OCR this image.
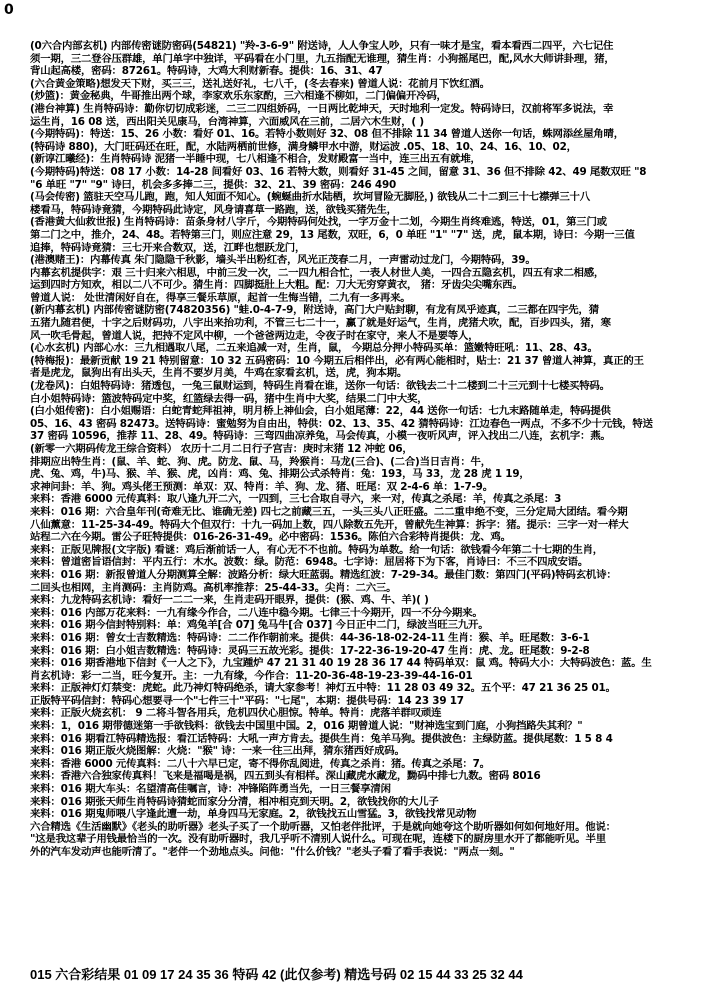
0
(0六合内部玄机) 内部传密谜防密码(54821) "羚-3-6-9" 附送诗，人人争宝人吵，只有一味才是宝，看本看西二四平，六七记住
须一期，三二登谷压群雄，单门单字中独详，平码看在小门里，九五指配无谁理，猜生肖：小狗摇尾巴，配,风水大师讲卦理，猪，
背山起高楼，密码：87261。特码诗，大鸡大利财新春。提供：16、31、47
(六合黄金策略)想发天下财，买三三，送礼送好礼，七八千，(冬去春来) 曾道人说：花前月下饮红酒。
(炒篮)：黄金秘典，牛哥推出两个球，李家欢乐东家酌，三六相逢不柳如，二门偏偏开冷码，
(港台神算) 生肖特码诗：勤你切切成彩迷，二三二四组娇码，一日两比乾坤天，天时地利一定发。特码诗曰，汉前将军多说法，幸
运生肖，16 08 送，西出阳关见康马，台湾神算，六面威风在三前，二居六木生财，( )
(今期特码)：特送：15、26 小数：看好 01、16。若特小数则好 32、08 但不排除 11 34 曾道人送你一句话，蛛网添丝屋角晴，
(特码诗 880)，大门旺码还在旺，配，水陆两栖前世修，满身鳞甲水中游，财运波 .05、18、10、24、16、10、02，
(新谆江曦经)：生肖特码诗 泥猪一半睡中现，七八相逢不相合，发财殿富一当中，连三出五有就堆，
(今期特码)特送：08 17 小数：14-28 间看好 03、16 若特大数，则看好 31-45 之间，留意 31、36 但不排除 42、49 尾数双旺 "8
"6 单旺 "7" "9" 诗曰，机会多多捧二三，提供：32、21、39 密码：246 490
(马会传密) 篮驻天空马儿跑，跑，知人知面不知心。(蜿蜒曲折水陆栖，坎坷冒险无脚胫，) 欲钱从二十二到三十七襟弹三十八
楼看马，特码诗竟猜，今期特码此诗定，风身请喜草一路跑，送，欲钱买猪先生，
(香港黄大仙救世报) 生肖特码诗：苗条身材八字斤，今期特码何处找，一字万金十二划，今期生肖终难逃，特送，01，第三门或
第二门之中，推介，24、48。若特第三门，则应注意 29，13 尾数，双旺，6，0 单旺 "1" "7" 送，虎，鼠本期，诗曰：今期一三值
追捧，特码诗竟猜：三七开来合数双，送，江畔也想跃龙门，
(港澳赌王)：内幕传真 朱门隐隐千秋影，墙头半出粉红杏，风光正茂春二月，一声雷动过龙门，今期特码，39。
内幕玄机提供字：艰 三十归来六相思，中前三发一次，二一四九相合忙，一表人材世人美，一四合五隐玄机，四五有求二相感，
运到四时方知欢，相以二八不可少。猜生肖：四脚挺肚上大粗。配：刀大无穷穿黄衣， 猪：牙齿尖尖嘴东西。
曾道人说： 处世清闲好自在，得享三餐乐草原，起首一生悔当错，二九有一多再来。
(新内幕玄机) 内部传密谜防密(74820356) "蛙.0-4-7-9，附送诗，高门大户贴封聊，有龙有凤乎迹真，二三都在四宇先，猜
五猪九随君便，十字之后财码功，八宇出来抬功利，不管三七二十一，赢了就是好运气，生肖，虎猪犬吹，配，百步四头，猪，寒
风一吹毛骨起，曾道人说，把持不定风中柳，一个爸爸两边走，令夜子时在家守，来人不是要等人，
(心水玄机) 内部心水：三九相遇取八尾，二五来追减一对，生肖，鼠， 今期总分押小特码买单：篮嫩特旺吼：11、28、43。
(特梅报)：最新贡献 19 21 特别留意：10 32 五码密码：10 今期五后相伴出，必有两心能相时，贴士：21 37 曾道人神算，真正的王
者是虎龙，鼠狗出有出头天，生肖不要岁月美，牛鸡在家看玄机，送，虎，狗本期。
(龙卷风)：白姐特码诗：猪透包，一兔三鼠财运到，特码生肖看在谁，送你一句话：欲钱去二十二楼到二十三元到十七楼买特码。
白小姐特码诗：篮波特码定中奖，红篮绿去得一码，猪中生肖中大奖，结果二门中大奖，
(白小姐传密)：白小姐赐语：白蛇青蛇拜祖神，明月桥上神仙会，白小姐尾薄：22，44 送你一句话：七九末路随单走，特码提供
05、16、43 密码 82473。送特码诗：蜜勉努为自由出，特供：02、13、35、42 猜特码诗：江边春色一两点，不多不少十元钱，特送
37 密码 10596，推荐 11、28、49。特码诗：三弯四曲凉养兔，马会传真，小模一夜听风声，评入找出二八连，玄机字：燕。
(新零一六期码传龙王综合资料） 农历十二月二日行子宫吉：庚时末猪 12 冲蛇 06，
排期应出特生肖：(鼠、羊、蛇、狗、虎。防龙、鼠、马，羚猴肖：马龙(三合)、(二合)当日吉肖：牛，
虎、兔、鸡，牛)马、猴、羊、猴、虎，凶肖：鸡、兔、排期公式杀特肖：兔：193，马 33，龙 28 虎 1 19，
求神问卦：羊、狗。鸡头佬王预测：单双：双、特肖：羊、狗、龙、猪、旺尾：双 2-4-6 单：1-7-9。
来料：香港 6000 元传真料：取八逢九开二六，一四到，三七合取自寻六，来一对，传真之杀尾：羊，传真之杀尾：3
来料：016 期：六合皇年刊(奇难无比、谁确无差) 四七之前藏三五，一头三头八正旺盛。二二重申绝不变，三分定局大团结。看今期
八仙薰意：11-25-34-49。特码大个但双行：十九一码加上数，四八除数五先开，曾献先生神算：拆字：猪。提示：三字一对一样大
站程二六在今期。雷公子旺特提供：016-26-31-49。必中密码：1536。陈伯六合彩特肖提供：龙、鸡。
来料：正版见牌报(文字版) 看谜：鸡后渐前话一人，有心无不不也前。特码为单数。给一句话：欲钱看今年第二十七期的生肖，
来料：曾道密旨语信封：平内五行：木水。波数：绿。防范：6948。七字诗：屈居将下为下客，肖诗曰：不三不四成安语。
来料：016 期：新报曾道人分期测算全解：波路分析：绿大旺蓝弱。精选红波：7-29-34。最佳门数：第四门(平码)特码玄机诗：
二回头也相网，主肖测码：主肖防鸡。高机率推荐：25-44-33。尖肖：二六三。
来料：九龙特码玄机诗：看好一二二一来，生肖走码开眼界，提供：(猴、鸡、牛、羊)( )
来料：016 内部万花来料：一九有缘今作合，二八连中稳今期。七律三十今期开，四一不分今期来。
来料：016 期今信封特别料：单：鸡兔羊[合 07] 兔马牛[合 037] 今日正中二门，绿波当旺三九开。
来料：016 期：曾女士吉数精选：特码诗：二二作作朝前来。提供：44-36-18-02-24-11 生肖：猴、羊。旺尾数：3-6-1
来料：016 期：白小姐吉数精选：特码诗：灵码三五故光彩。提供：17-22-36-19-20-47 生肖：虎、龙。旺尾数：9-2-8
来料：016 期香港地下信封《一人之下》，九宝踵炉 47 21 31 40 19 28 36 17 44 特码单双：鼠 鸡。特码大小：大特码波色：蓝。生
肖玄机诗：彩一二当，旺今复开。主：一九有缘，今作合：11-20-36-48-19-23-39-44-16-01
来料：正版神灯灯禁变：虎蛇。此乃神灯特码绝杀，请大家参考！神灯五中特：11 28 03 49 32。五个平：47 21 36 25 01。
正版特平码信封：特码心想要寻一个"七件三十"平码："七尾"，本期：提供号码：14 23 39 17
来料：正版火烧玄机： 9 二将斗智各用兵，危机四伏心胆惊。特单。特肖：虎落羊群叹顽连
来料：1，016 期带德迷第一手欲钱料：欲钱去中国里中国。2，016 期曾道人说："财神选宝到门庭，小狗挡路失其利？"
来料：016 期看江特码精选报：看江话特码：大吼一声方肯去。提供生肖：兔羊马狗。提供波色：主绿防蓝。提供尾数：1 5 8 4
来料：016 期正版火烧图解：火烧："猴" 诗：一来一往三出拜，猜东猪西好成码。
来料：香港 6000 元传真料：二八十六早已定，寄不得你乱阅进，传真之杀肖：猪。传真之杀尾：7。
来料：香港六合独家传真料！飞来是福喝是祸，四五到头有相样。深山藏虎水藏龙，黝码中排七九数。密码 8016
来料：016 期大车头：名望清高佳嘱言，诗：冲锋陷阵勇当先，一日三餐享清闲
来料：016 期张天师生肖特码诗猜蛇而家分分清，相冲相克到天明。2，欲钱找你的大儿子
来料：016 期鬼师喂八字逢此遭一劫，单身四马无家庭。2，欲钱找五山雪猛。3，欲钱找常见动物
六合精选《生活幽默》《老头的助听器》老头子买了一个助听器，又怕老伴批评，于是就向她夸这个助听器如何如何地好用。他说：
"这是我这辈子用钱最恰当的一次。没有助听器时，我几乎听不清别人说什么。可现在呢，连楼下的厨房里水开了都能听见。半里
外的汽车发动声也能听清了。"老伴一个劲地点头。问他："什么价钱？"老头子看了看手表说："两点一刻。"
015 六合彩结果 01 09 17 24 35 36 特码 42 (此仅参考) 精选号码 02 15 44 33 25 32 44
